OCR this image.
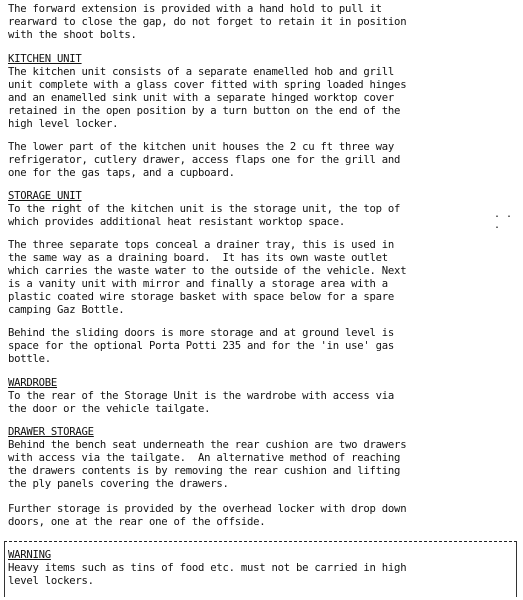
The forward extension is provided with a hand hold to pull it
rearward to close the gap, do not forget to retain it in position
with the shoot bolts.
KITCHEN UNIT
The kitchen unit consists of a separate enamelled hob and grill
unit complete with a glass cover fitted with spring loaded hinges
and an enamelled sink unit with a separate hinged worktop cover
retained in the open position by a turn button on the end of the
high level locker.
The lower part of the kitchen unit houses the 2 cu ft three way
refrigerator, cutlery drawer, access flaps one for the grill and
one for the gas taps, and a cupboard.
STORAGE UNIT
To the right of the kitchen unit is the storage unit, the top of	. . .
which provides additional heat resistant worktop space.
The three separate tops conceal a drainer tray, this is used in
the same way as a draining board.  It has its own waste outlet
which carries the waste water to the outside of the vehicle. Next
is a vanity unit with mirror and finally a storage area with a
plastic coated wire storage basket with space below for a spare
camping Gaz Bottle.
Behind the sliding doors is more storage and at ground level is
space for the optional Porta Potti 235 and for the 'in use' gas
bottle.
WARDROBE
To the rear of the Storage Unit is the wardrobe with access via
the door or the vehicle tailgate.
DRAWER STORAGE
Behind the bench seat underneath the rear cushion are two drawers
with access via the tailgate.  An alternative method of reaching
the drawers contents is by removing the rear cushion and lifting
the ply panels covering the drawers.
Further storage is provided by the overhead locker with drop down
doors, one at the rear one of the offside.
WARNING
Heavy items such as tins of food etc. must not be carried in high
level lockers.
